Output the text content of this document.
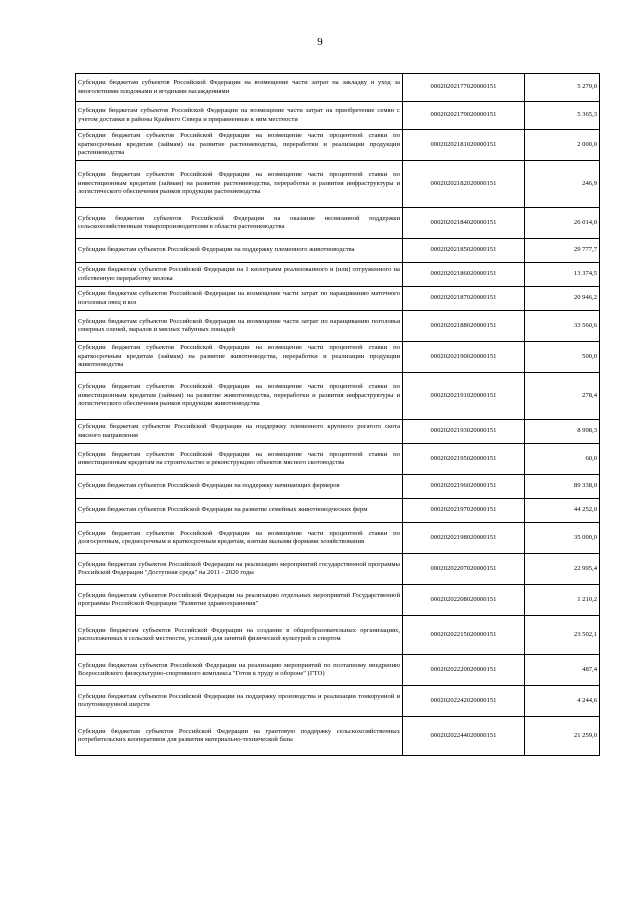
9
Субсидии бюджетам субъектов Российской Федерации на возмещение части затрат на закладку и уход за многолетними плодовыми и ягодными насаждениями	00020202177020000151	5 279,0
Субсидии бюджетам субъектов Российской Федерации на возмещение части затрат на приобретение семян с учетом доставки в районы Крайнего Севера и приравненные к ним местности	00020202179020000151	5 365,3
Субсидии бюджетам субъектов Российской Федерации на возмещение части процентной ставки по краткосрочным кредитам (займам) на развитие растениеводства, переработки и реализации продукции растениеводства	00020202181020000151	2 000,0
Субсидии бюджетам субъектов Российской Федерации на возмещение части процентной ставки по инвестиционным кредитам (займам) на развитие растениеводства, переработки и развития инфраструктуры и логистического обеспечения рынков продукции растениеводства	00020202182020000151	246,9
Субсидии бюджетам субъектов Российской Федерации на оказание несвязанной поддержки сельскохозяйственным товаропроизводителям в области растениеводства	00020202184020000151	26 014,0
Субсидии бюджетам субъектов Российской Федерации на поддержку племенного животноводства	00020202185020000151	29 777,7
Субсидии бюджетам субъектов Российской Федерации на 1 килограмм реализованного и (или) отгруженного на собственную переработку молока	00020202186020000151	13 374,5
Субсидии бюджетам субъектов Российской Федерации на возмещение части затрат по наращиванию маточного поголовья овец и коз	00020202187020000151	20 946,2
Субсидии бюджетам субъектов Российской Федерации на возмещение части затрат по наращиванию поголовья северных оленей, маралов и мясных табунных лошадей	00020202188020000151	33 560,6
Субсидии бюджетам субъектов Российской Федерации на возмещение части процентной ставки по краткосрочным кредитам (займам) на развитие животноводства, переработки и реализации продукции животноводства	00020202190020000151	500,0
Субсидии бюджетам субъектов Российской Федерации на возмещение части процентной ставки по инвестиционным кредитам (займам) на развитие животноводства, переработки и развития инфраструктуры и логистического обеспечения рынков продукции животноводства	00020202191020000151	278,4
Субсидии бюджетам субъектов Российской Федерации на поддержку племенного крупного рогатого скота мясного направления	00020202193020000151	8 998,3
Субсидии бюджетам субъектов Российской Федерации на возмещение части процентной ставки по инвестиционным кредитам на строительство и реконструкцию объектов мясного скотоводства	00020202195020000151	60,0
Субсидии бюджетам субъектов Российской Федерации на поддержку начинающих фермеров	00020202196020000151	89 338,0
Субсидии бюджетам субъектов Российской Федерации на развитие семейных животноводческих ферм	00020202197020000151	44 252,0
Субсидии бюджетам субъектов Российской Федерации на возмещение части процентной ставки по долгосрочным, среднесрочным и краткосрочным кредитам, взятым малыми формами хозяйствования	00020202198020000151	35 000,0
Субсидии бюджетам субъектов Российской Федерации на реализацию мероприятий государственной программы Российской Федерации "Доступная среда" на 2011 - 2020 годы	00020202207020000151	22 995,4
Субсидии бюджетам субъектов Российской Федерации на реализацию отдельных мероприятий Государственной программы Российской Федерации "Развитие здравоохранения"	00020202208020000151	1 210,2
Субсидии бюджетам субъектов Российской Федерации на создание в общеобразовательных организациях, расположенных в сельской местности, условий для занятий физической культурой и спортом	00020202215020000151	23 502,1
Субсидии бюджетам субъектов Российской Федерации на реализацию мероприятий по поэтапному внедрению Всероссийского физкультурно-спортивного комплекса "Готов к труду и обороне" (ГТО)	00020202220020000151	487,4
Субсидии бюджетам субъектов Российской Федерации на поддержку производства и реализации тонкорунной и полутонкорунной шерсти	00020202242020000151	4 244,6
Субсидии бюджетам субъектов Российской Федерации на грантовую поддержку сельскохозяйственных потребительских кооперативов для развития материально-технической базы	00020202244020000151	21 259,0
